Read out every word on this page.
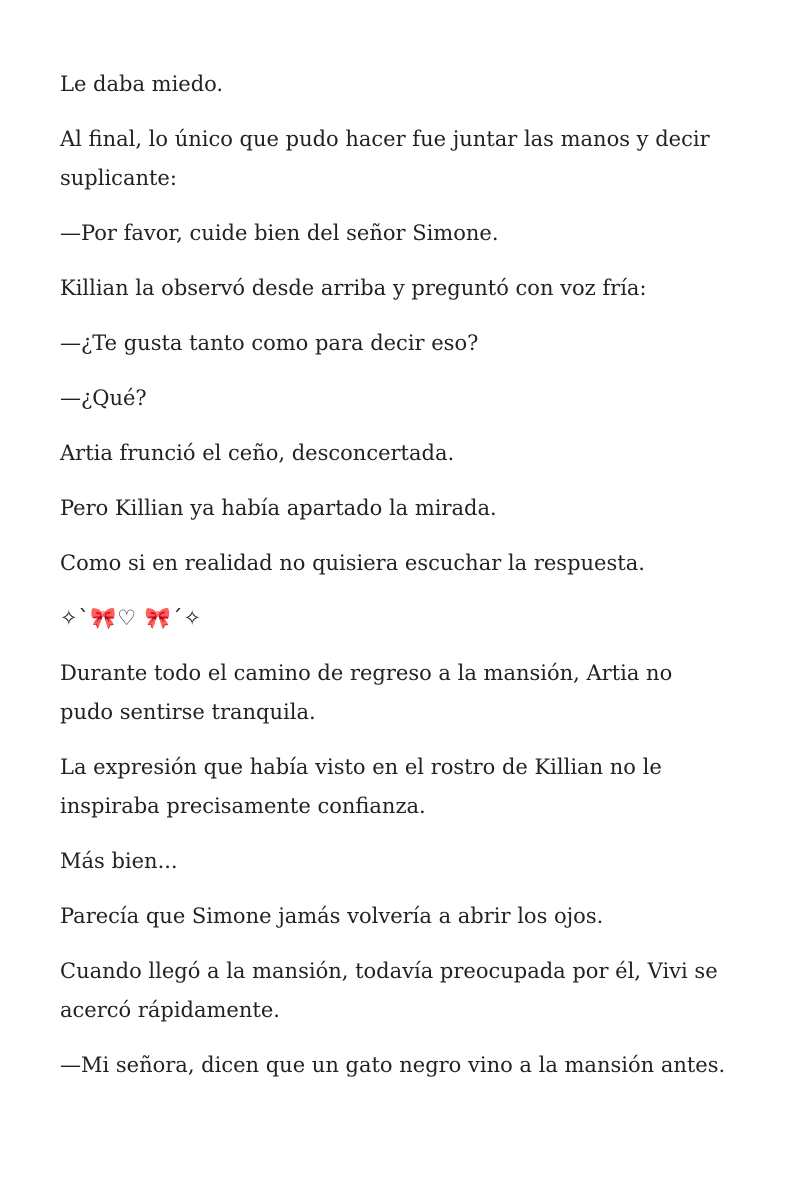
Le daba miedo.

Al final, lo único que pudo hacer fue juntar las manos y decir suplicante:

—Por favor, cuide bien del señor Simone.

Killian la observó desde arriba y preguntó con voz fría:

—¿Te gusta tanto como para decir eso?

—¿Qué?

Artia frunció el ceño, desconcertada.

Pero Killian ya había apartado la mirada.

Como si en realidad no quisiera escuchar la respuesta.

✧`🎀♡ 🎀´✧

Durante todo el camino de regreso a la mansión, Artia no pudo sentirse tranquila.

La expresión que había visto en el rostro de Killian no le inspiraba precisamente confianza.

Más bien...

Parecía que Simone jamás volvería a abrir los ojos.

Cuando llegó a la mansión, todavía preocupada por él, Vivi se acercó rápidamente.

—Mi señora, dicen que un gato negro vino a la mansión antes.
